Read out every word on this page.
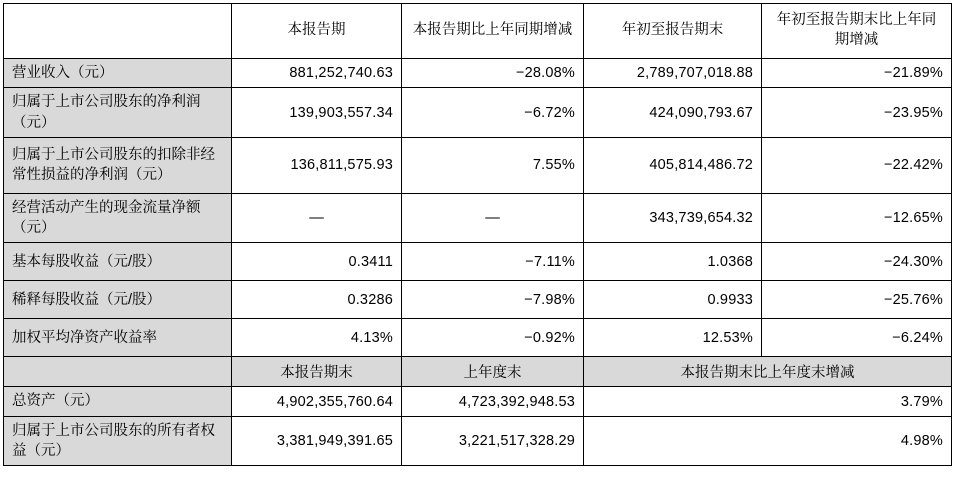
	本报告期	本报告期比上年同期增减	年初至报告期末	年初至报告期末比上年同期增减
营业收入（元）	881,252,740.63	−28.08%	2,789,707,018.88	−21.89%
归属于上市公司股东的净利润（元）	139,903,557.34	−6.72%	424,090,793.67	−23.95%
归属于上市公司股东的扣除非经常性损益的净利润（元）	136,811,575.93	7.55%	405,814,486.72	−22.42%
经营活动产生的现金流量净额（元）	—	—	343,739,654.32	−12.65%
基本每股收益（元/股）	0.3411	−7.11%	1.0368	−24.30%
稀释每股收益（元/股）	0.3286	−7.98%	0.9933	−25.76%
加权平均净资产收益率	4.13%	−0.92%	12.53%	−6.24%
	本报告期末	上年度末	本报告期末比上年度末增减	
总资产（元）	4,902,355,760.64	4,723,392,948.53	3.79%	
归属于上市公司股东的所有者权益（元）	3,381,949,391.65	3,221,517,328.29	4.98%	
